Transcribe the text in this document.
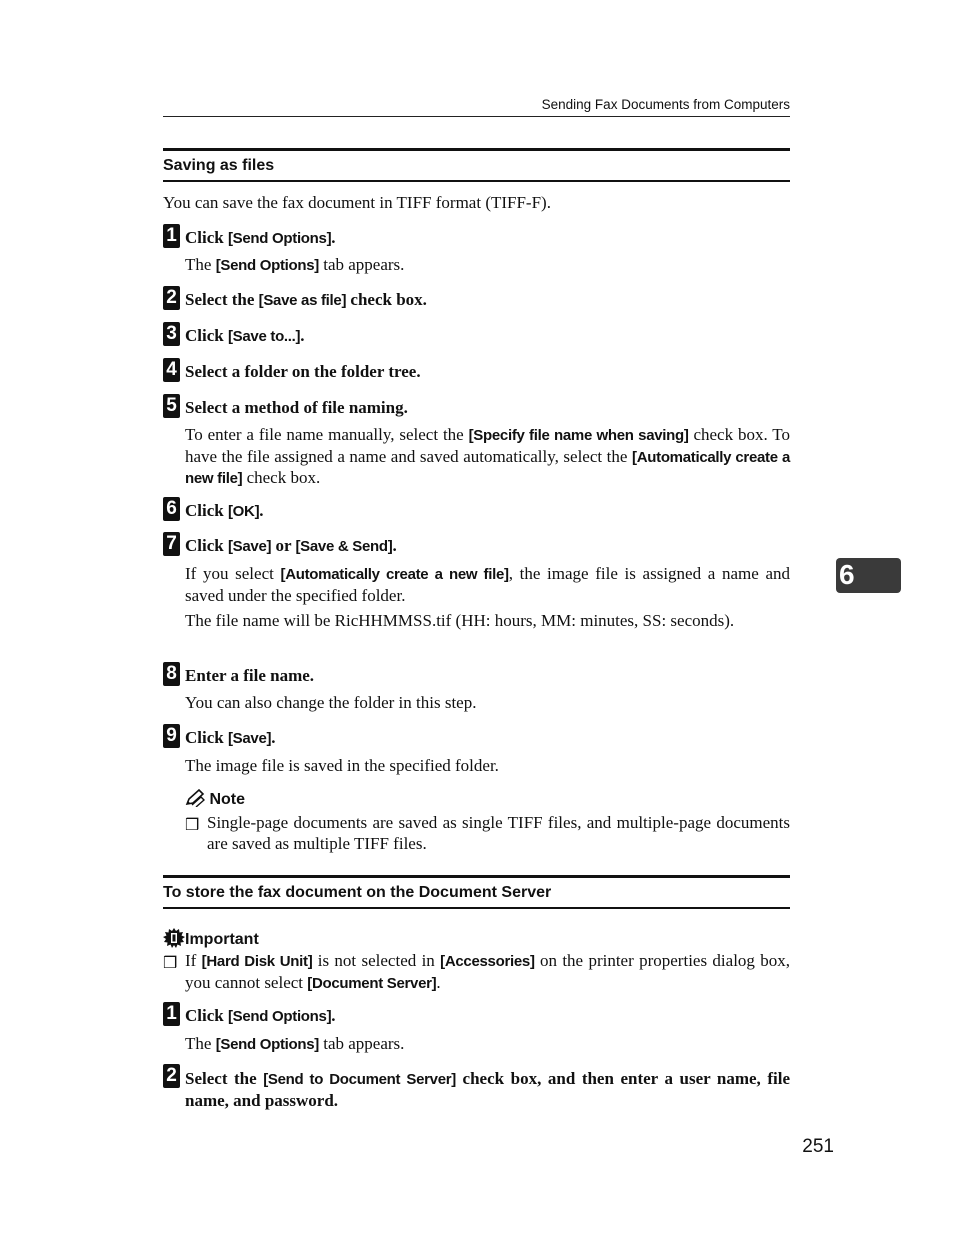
Sending Fax Documents from Computers
Saving as files
You can save the fax document in TIFF format (TIFF-F).
1 Click [Send Options].
The [Send Options] tab appears.
2 Select the [Save as file] check box.
3 Click [Save to...].
4 Select a folder on the folder tree.
5 Select a method of file naming.
To enter a file name manually, select the [Specify file name when saving] check box. To have the file assigned a name and saved automatically, select the [Automatically create a new file] check box.
6 Click [OK].
7 Click [Save] or [Save & Send].
If you select [Automatically create a new file], the image file is assigned a name and saved under the specified folder.
The file name will be RicHHMMSS.tif (HH: hours, MM: minutes, SS: seconds).
8 Enter a file name.
You can also change the folder in this step.
9 Click [Save].
The image file is saved in the specified folder.
Note
❒ Single-page documents are saved as single TIFF files, and multiple-page documents are saved as multiple TIFF files.
To store the fax document on the Document Server
Important
❒ If [Hard Disk Unit] is not selected in [Accessories] on the printer properties dialog box, you cannot select [Document Server].
1 Click [Send Options].
The [Send Options] tab appears.
2 Select the [Send to Document Server] check box, and then enter a user name, file name, and password.
6
251
